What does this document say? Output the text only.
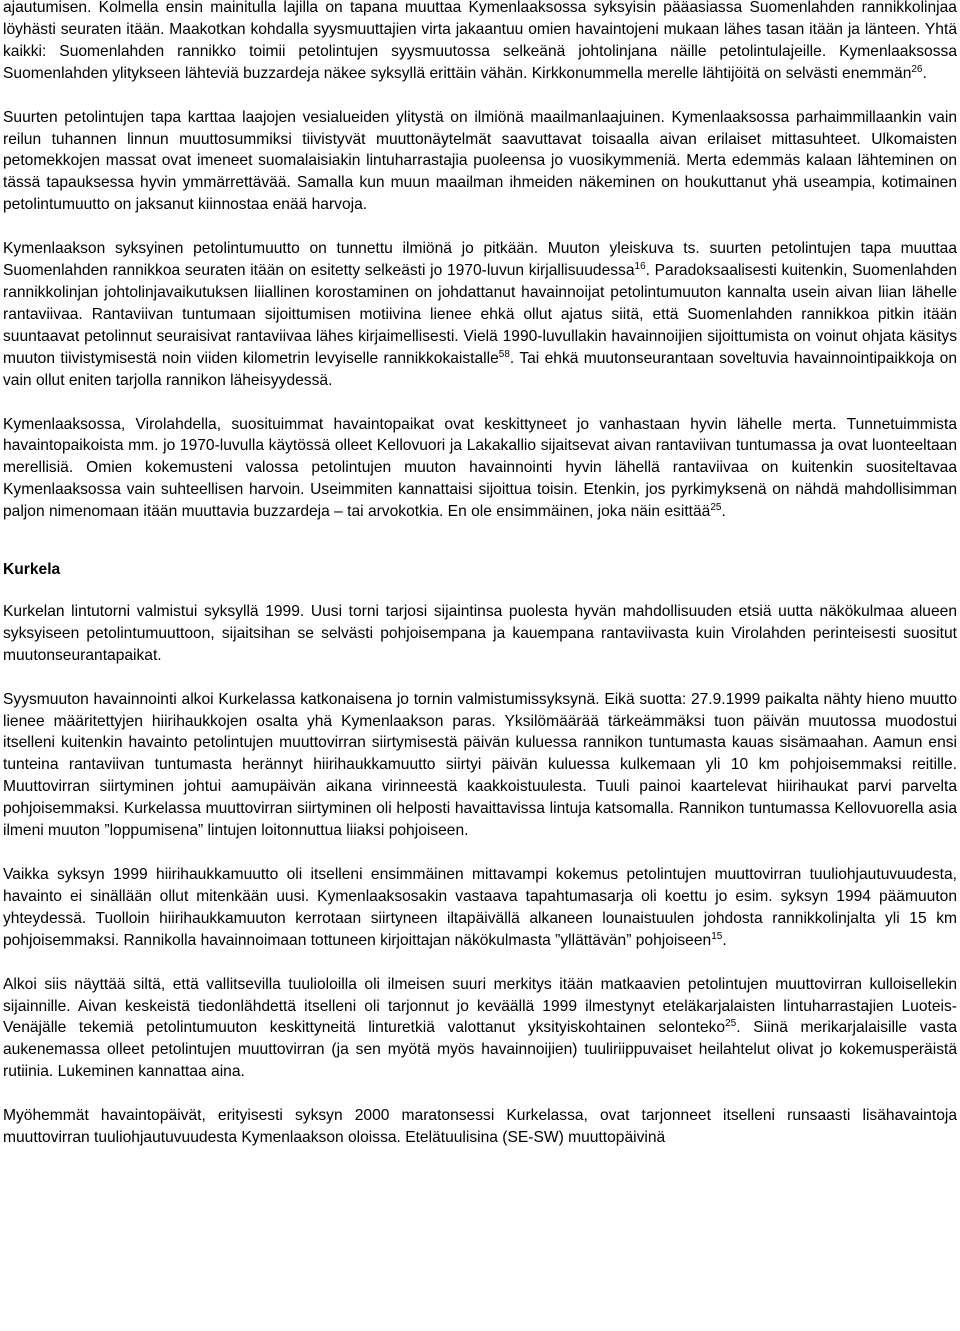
ajautumisen. Kolmella ensin mainitulla lajilla on tapana muuttaa Kymenlaaksossa syksyisin pääasiassa Suomenlahden rannikkolinjaa löyhästi seuraten itään. Maakotkan kohdalla syysmuuttajien virta jakaantuu omien havaintojeni mukaan lähes tasan itään ja länteen. Yhtä kaikki: Suomenlahden rannikko toimii petolintujen syysmuutossa selkeänä johtolinjana näille petolintulajeille. Kymenlaaksossa Suomenlahden ylitykseen lähteviä buzzardeja näkee syksyllä erittäin vähän. Kirkkonummella merelle lähtijöitä on selvästi enemmän$^{26}$.

Suurten petolintujen tapa karttaa laajojen vesialueiden ylitystä on ilmiönä maailmanlaajuinen. Kymenlaaksossa parhaimmillaankin vain reilun tuhannen linnun muuttosummiksi tiivistyvät muuttonäytelmät saavuttavat toisaalla aivan erilaiset mittasuhteet. Ulkomaisten petomekkojen massat ovat imeneet suomalaisiakin lintuharrastajia puoleensa jo vuosikymmeniä. Merta edemmäs kalaan lähteminen on tässä tapauksessa hyvin ymmärrettävää. Samalla kun muun maailman ihmeiden näkeminen on houkuttanut yhä useampia, kotimainen petolintumuutto on jaksanut kiinnostaa enää harvoja.

Kymenlaakson syksyinen petolintumuutto on tunnettu ilmiönä jo pitkään. Muuton yleiskuva ts. suurten petolintujen tapa muuttaa Suomenlahden rannikkoa seuraten itään on esitetty selkeästi jo 1970-luvun kirjallisuudessa$^{16}$. Paradoksaalisesti kuitenkin, Suomenlahden rannikkolinjan johtolinjavaikutuksen liiallinen korostaminen on johdattanut havainnoijat petolintumuuton kannalta usein aivan liian lähelle rantaviivaa. Rantaviivan tuntumaan sijoittumisen motiivina lienee ehkä ollut ajatus siitä, että Suomenlahden rannikkoa pitkin itään suuntaavat petolinnut seuraisivat rantaviivaa lähes kirjaimellisesti. Vielä 1990-luvullakin havainnoijien sijoittumista on voinut ohjata käsitys muuton tiivistymisestä noin viiden kilometrin levyiselle rannikkokaistalle$^{58}$. Tai ehkä muutonseurantaan soveltuvia havainnointipaikkoja on vain ollut eniten tarjolla rannikon läheisyydessä.

Kymenlaaksossa, Virolahdella, suosituimmat havaintopaikat ovat keskittyneet jo vanhastaan hyvin lähelle merta. Tunnetuimmista havaintopaikoista mm. jo 1970-luvulla käytössä olleet Kellovuori ja Lakakallio sijaitsevat aivan rantaviivan tuntumassa ja ovat luonteeltaan merellisiä. Omien kokemusteni valossa petolintujen muuton havainnointi hyvin lähellä rantaviivaa on kuitenkin suositeltavaa Kymenlaaksossa vain suhteellisen harvoin. Useimmiten kannattaisi sijoittua toisin. Etenkin, jos pyrkimyksenä on nähdä mahdollisimman paljon nimenomaan itään muuttavia buzzardeja – tai arvokotkia. En ole ensimmäinen, joka näin esittää$^{25}$.

Kurkela

Kurkelan lintutorni valmistui syksyllä 1999. Uusi torni tarjosi sijaintinsa puolesta hyvän mahdollisuuden etsiä uutta näkökulmaa alueen syksyiseen petolintumuuttoon, sijaitsihan se selvästi pohjoisempana ja kauempana rantaviivasta kuin Virolahden perinteisesti suositut muutonseurantapaikat.

Syysmuuton havainnointi alkoi Kurkelassa katkonaisena jo tornin valmistumissyksynä. Eikä suotta: 27.9.1999 paikalta nähty hieno muutto lienee määritettyjen hiirihaukkojen osalta yhä Kymenlaakson paras. Yksilömäärää tärkeämmäksi tuon päivän muutossa muodostui itselleni kuitenkin havainto petolintujen muuttovirran siirtymisestä päivän kuluessa rannikon tuntumasta kauas sisämaahan. Aamun ensi tunteina rantaviivan tuntumasta herännyt hiirihaukkamuutto siirtyi päivän kuluessa kulkemaan yli 10 km pohjoisemmaksi reitille. Muuttovirran siirtyminen johtui aamupäivän aikana virinneestä kaakkoistuulesta. Tuuli painoi kaartelevat hiirihaukat parvi parvelta pohjoisemmaksi. Kurkelassa muuttovirran siirtyminen oli helposti havaittavissa lintuja katsomalla. Rannikon tuntumassa Kellovuorella asia ilmeni muuton ”loppumisena” lintujen loitonnuttua liiaksi pohjoiseen.

Vaikka syksyn 1999 hiirihaukkamuutto oli itselleni ensimmäinen mittavampi kokemus petolintujen muuttovirran tuuliohjautuvuudesta, havainto ei sinällään ollut mitenkään uusi. Kymenlaaksosakin vastaava tapahtumasarja oli koettu jo esim. syksyn 1994 päämuuton yhteydessä. Tuolloin hiirihaukkamuuton kerrotaan siirtyneen iltapäivällä alkaneen lounaistuulen johdosta rannikkolinjalta yli 15 km pohjoisemmaksi. Rannikolla havainnoimaan tottuneen kirjoittajan näkökulmasta ”yllättävän” pohjoiseen$^{15}$.

Alkoi siis näyttää siltä, että vallitsevilla tuulioloilla oli ilmeisen suuri merkitys itään matkaavien petolintujen muuttovirran kulloisellekin sijainnille. Aivan keskeistä tiedonlähdettä itselleni oli tarjonnut jo keväällä 1999 ilmestynyt eteläkarjalaisten lintuharrastajien Luoteis-Venäjälle tekemiä petolintumuuton keskittyneitä linturetkiä valottanut yksityiskohtainen selonteko$^{25}$. Siinä merikarjalaisille vasta aukenemassa olleet petolintujen muuttovirran (ja sen myötä myös havainnoijien) tuuliriippuvaiset heilahtelut olivat jo kokemusperäistä rutiinia. Lukeminen kannattaa aina.

Myöhemmät havaintopäivät, erityisesti syksyn 2000 maratonsessi Kurkelassa, ovat tarjonneet itselleni runsaasti lisähavaintoja muuttovirran tuuliohjautuvuudesta Kymenlaakson oloissa. Etelätuulisina (SE-SW) muuttopäivinä
